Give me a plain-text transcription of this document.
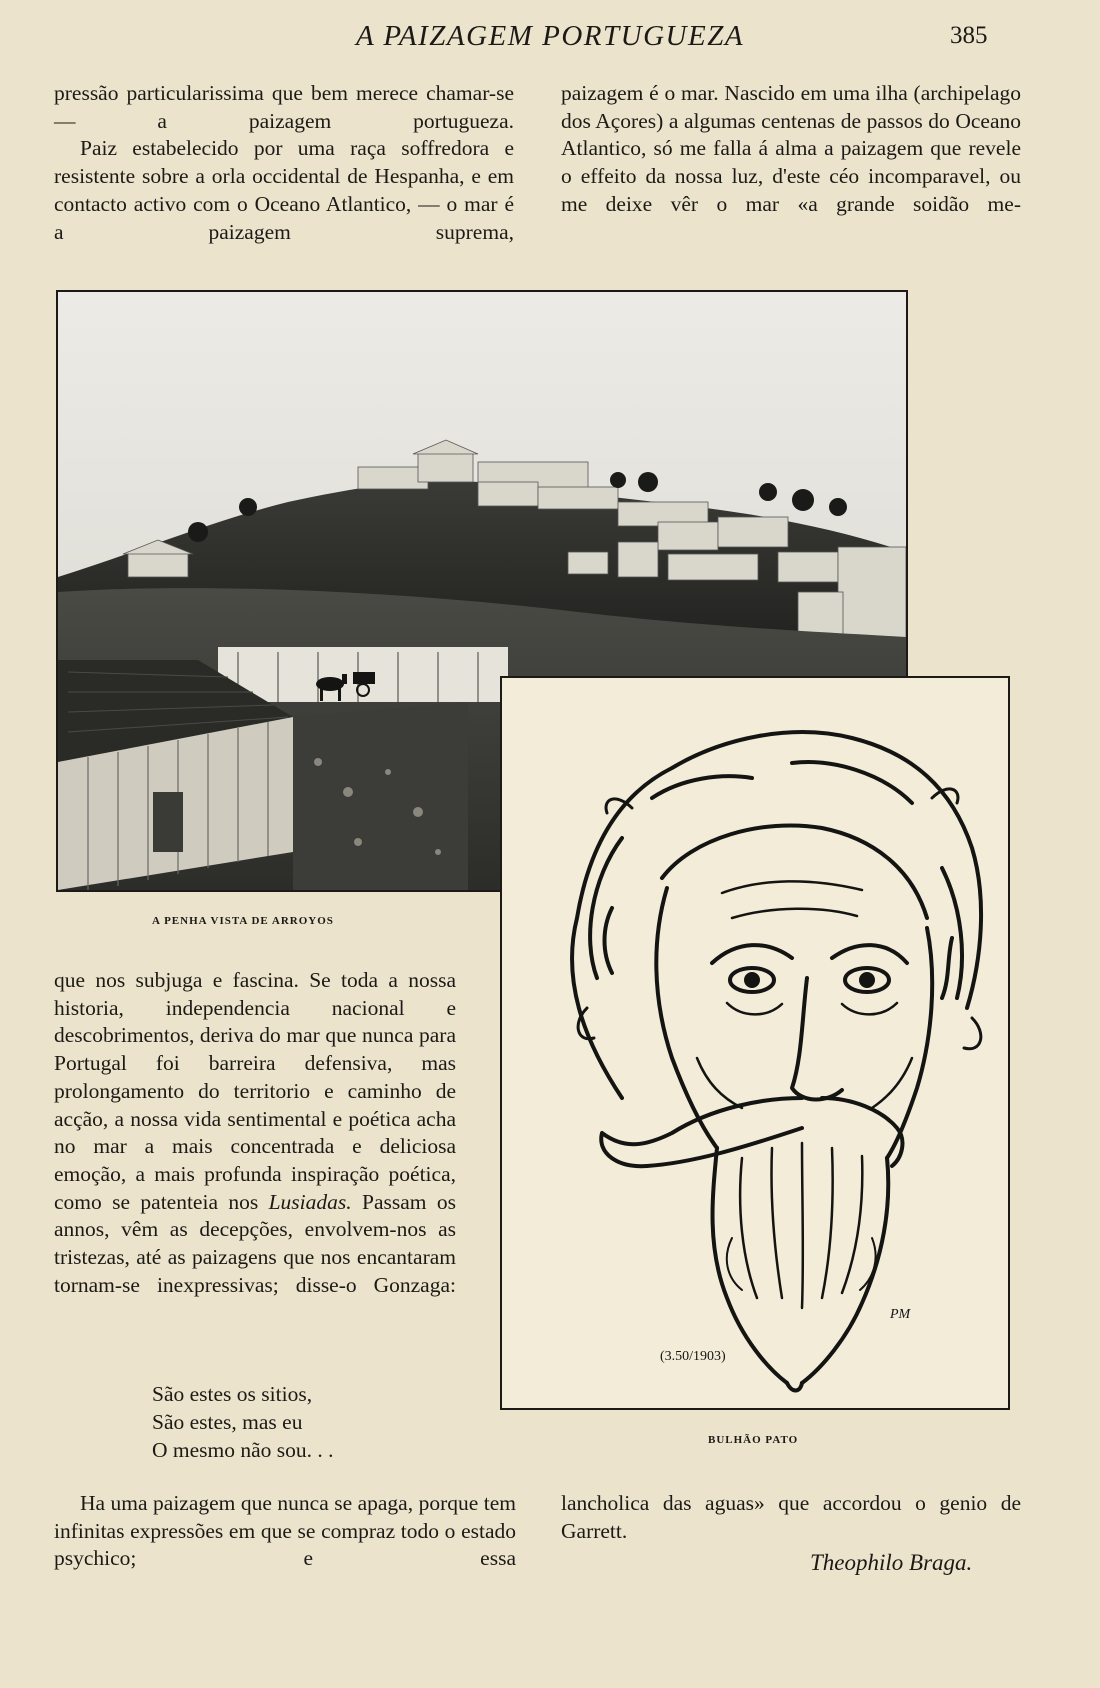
A PAIZAGEM PORTUGUEZA	385

pressão particularissima que bem merece chamar-se — a paizagem portugueza.

Paiz estabelecido por uma raça soffredora e resistente sobre a orla occidental de Hespanha, e em contacto activo com o Oceano Atlantico, — o mar é a paizagem suprema,

paizagem é o mar. Nascido em uma ilha (archipelago dos Açores) a algumas centenas de passos do Oceano Atlantico, só me falla á alma a paizagem que revele o effeito da nossa luz, d'este céo incomparavel, ou me deixe vêr o mar «a grande soidão me-

A PENHA VISTA DE ARROYOS
(3.50/1903)
PM
BULHÃO PATO

que nos subjuga e fascina. Se toda a nossa historia, independencia nacional e descobrimentos, deriva do mar que nunca para Portugal foi barreira defensiva, mas prolongamento do territorio e caminho de acção, a nossa vida sentimental e poética acha no mar a mais concentrada e deliciosa emoção, a mais profunda inspiração poética, como se patenteia nos Lusiadas. Passam os annos, vêm as decepções, envolvem-nos as tristezas, até as paizagens que nos encantaram tornam-se inexpressivas; disse-o Gonzaga:

São estes os sitios,
São estes, mas eu
O mesmo não sou. . .

Ha uma paizagem que nunca se apaga, porque tem infinitas expressões em que se compraz todo o estado psychico; e essa

lancholica das aguas» que accordou o genio de Garrett.

Theophilo Braga.
